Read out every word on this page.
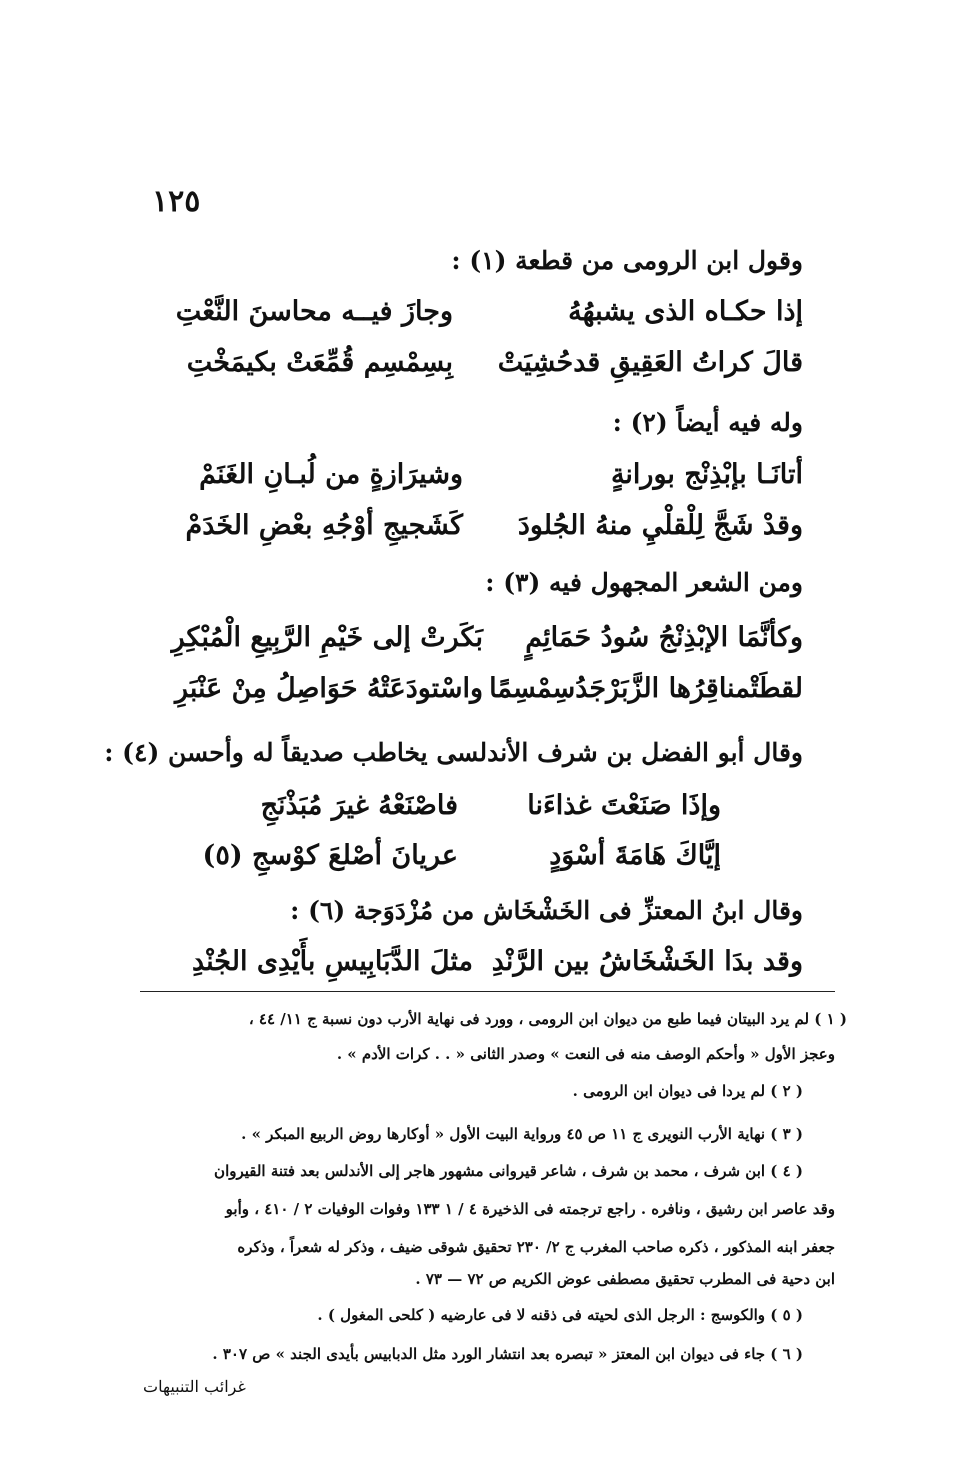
١٢٥
وقول ابن الرومى من قطعة (١) :
إذا حكـاه الذى يشبهُهُ
وجازَ فيــه محاسنَ النَّعْتِ
قالَ كراتُ العَقِيقِ قدحُشِيَتْ
بِسِمْسِم قُمِّعَتْ بكيمَخْتِ
وله فيه أيضاً (٢) :
أتانَـا بإبْذِنْج بورانةٍ
وشيرَازةٍ من لُبـانِ الغَنَمْ
وقدْ شَجَّ لِلْقلْيِ منهُ الجُلودَ
كَشَجيجِ أوْجُهِ بعْضِ الخَدَمْ
ومن الشعر المجهول فيه (٣) :
وكأنَّمَا الإبْذِنْجُ سُودُ حَمَائِمٍ
بَكَرتْ إلى خَيْمِ الرَّبِيعِ الْمُبْكِرِ
لقطَتْمناقِرُها الزَّبَرْجَدُسِمْسِمًا
واسْتودَعَتْهُ حَوَاصِلُ مِنْ عَنْبَرِ
وقال أبو الفضل بن شرف الأندلسى يخاطب صديقاً له وأحسن (٤) :
وإذَا صَنَعْتَ غذاءَنا
فاصْنَعْهُ غيرَ مُبَذْنَجِ
إيَّاكَ هَامَةَ أسْوَدٍ
عريانَ أصْلعَ كوْسجِ (٥)
وقال ابنُ المعتزِّ فى الخَشْخَاش من مُزْدَوَجة (٦) :
وقد بدَا الخَشْخَاشُ بين الرَّنْدِ
مثلَ الدَّبَابِيسِ بأَيْدِى الجُنْدِ
( ١ ) لم يرد البيتان فيما طبع من ديوان ابن الرومى ، وورد فى نهاية الأرب دون نسبة ج ١١/ ٤٤ ،
وعجز الأول « وأحكم الوصف منه فى النعت » وصدر الثانى « . . كرات الأدم » .
( ٢ ) لم يردا فى ديوان ابن الرومى .
( ٣ ) نهاية الأرب النويرى ج ١١ ص ٤٥ ورواية البيت الأول « أوكارها روض الربيع المبكر » .
( ٤ ) ابن شرف ، محمد بن شرف ، شاعر قيروانى مشهور هاجر إلى الأندلس بعد فتنة القيروان
وقد عاصر ابن رشيق ، ونافره . راجع ترجمته فى الذخيرة ٤ / ١ ١٣٣ وفوات الوفيات ٢ / ٤١٠ ، وأبو
جعفر ابنه المذكور ، ذكره صاحب المغرب ج ٢/ ٢٣٠ تحقيق شوقى ضيف ، وذكر له شعراً ، وذكره
ابن دحية فى المطرب تحقيق مصطفى عوض الكريم ص ٧٢ — ٧٣ .
( ٥ ) والكوسج : الرجل الذى لحيته فى ذقنه لا فى عارضيه ( كلحى المغول ) .
( ٦ ) جاء فى ديوان ابن المعتز « تبصره بعد انتشار الورد مثل الدبابيس بأيدى الجند » ص ٣٠٧ .
غرائب التنبيهات
